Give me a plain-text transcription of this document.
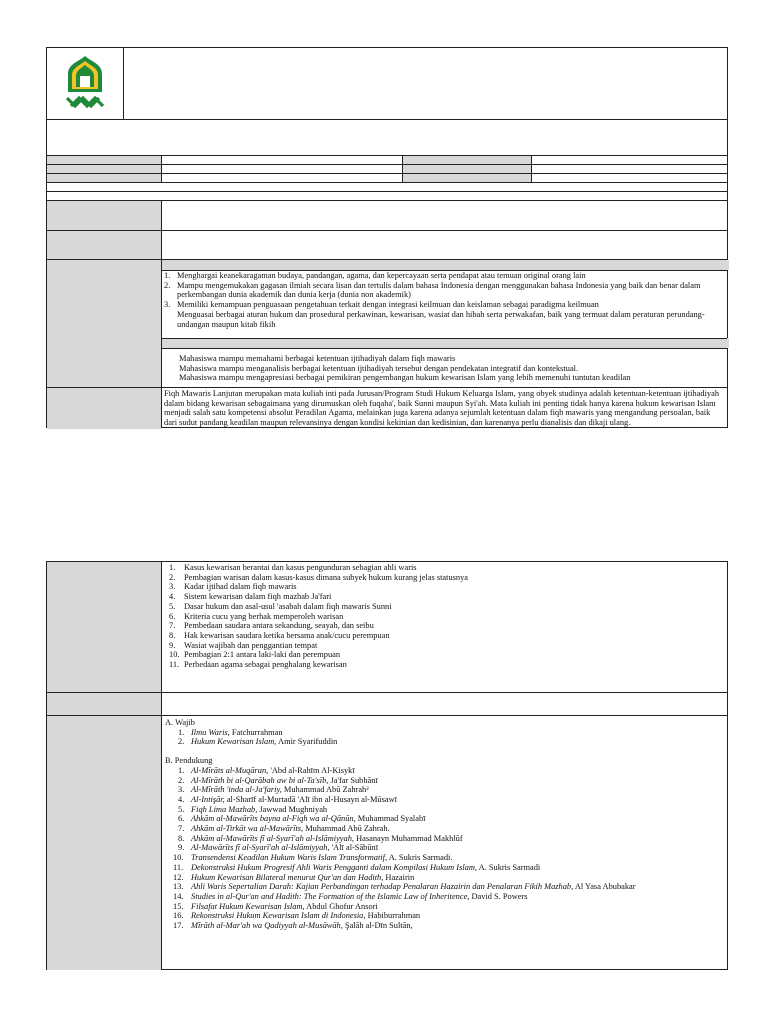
1. Menghargai keanekaragaman budaya, pandangan, agama, dan kepercayaan serta pendapat atau temuan original orang lain
2. Mampu mengemukakan gagasan ilmiah secara lisan dan tertulis dalam bahasa Indonesia dengan menggunakan bahasa Indonesia yang baik dan benar dalam perkembangan dunia akademik dan dunia kerja (dunia non akademik)
3. Memiliki kemampuan penguasaan pengetahuan terkait dengan integrasi keilmuan dan keislaman sebagai paradigma keilmuan
Menguasai berbagai aturan hukum dan prosedural perkawinan, kewarisan, wasiat dan hibah serta perwakafan, baik yang termuat dalam peraturan perundang-undangan maupun kitab fikih
Mahasiswa mampu memahami berbagai ketentuan ijtihadiyah dalam fiqh mawaris
Mahasiswa mampu menganalisis berbagai ketentuan ijtihadiyah tersebut dengan pendekatan integratif dan kontekstual.
Mahasiswa mampu mengapresiasi berbagai pemikiran pengembangan hukum kewarisan Islam yang lebih memenuhi tuntutan keadilan
Fiqh Mawaris Lanjutan merupakan mata kuliah inti pada Jurusan/Program Studi Hukum Keluarga Islam, yang obyek studinya adalah ketentuan-ketentuan ijtihadiyah dalam bidang kewarisan sebagaimana yang dirumuskan oleh fuqaha', baik Sunni maupun Syi'ah. Mata kuliah ini penting tidak hanya karena hukum kewarisan Islam menjadi salah satu kompetensi absolut Peradilan Agama, melainkan juga karena adanya sejumlah ketentuan dalam fiqh mawaris yang mengandung persoalan, baik dari sudut pandang keadilan maupun relevansinya dengan kondisi kekinian dan kedisinian, dan karenanya perlu dianalisis dan dikaji ulang.
1.	Kasus kewarisan berantai dan kasus pengunduran sebagian ahli waris
2.	Pembagian warisan dalam kasus-kasus dimana subyek hukum kurang jelas statusnya
3.	Kadar ijtihad dalam fiqh mawaris
4.	Sistem kewarisan dalam fiqh mazhab Ja'fari
5.	Dasar hukum dan asal-usul 'asabah dalam fiqh mawaris Sunni
6.	Kriteria cucu yang berhak memperoleh warisan
7.	Pembedaan saudara antara sekandung, seayah, dan seibu
8.	Hak kewarisan saudara ketika bersama anak/cucu perempuan
9.	Wasiat wajibah dan penggantian tempat
10. Pembagian 2:1 antara laki-laki dan perempuan
11. Perbedaan agama sebagai penghalang kewarisan
A. Wajib
1. Ilmu Waris, Fatchurrahman
2. Hukum Kewarisan Islam, Amir Syarifuddin
B. Pendukung
1. Al-Mīrāts al-Muqāran, 'Abd al-Rahīm Al-Kisykī
2. Al-Mīrāth bi al-Qarābah aw bi al-Ta'sīb, Ja'far Subhānī
3. Al-Mīrāth 'inda al-Ja'fariy, Muhammad Abū Zahrah²
4. Al-Intişār, al-Sharīf al-Murtadā 'Alī ibn al-Husayn al-Mūsawī
5. Fiqh Lima Mazhab, Jawwad Mughniyah
6. Ahkām al-Mawārīts bayna al-Fiqh wa al-Qānūn, Muhammad Syalabī
7. Ahkām al-Tirkāt wa al-Mawārīts, Muhammad Abū Zahrah.
8. Ahkām al-Mawārīts fī al-Syarī'ah al-Islāmiyyah, Hasanayn Muhammad Makhlūf
9. Al-Mawārīts fī al-Syarī'ah al-Islāmiyyah, 'Alī al-Sābūnī
10. Transendensi Keadilan Hukum Waris Islam Transformatif, A. Sukris Sarmadi.
11. Dekonstruksi Hukum Progresif Ahli Waris Pengganti dalam Kompilasi Hukum Islam, A. Sukris Sarmadi
12. Hukum Kewarisan Bilateral menurut Qur'an dan Hadith, Hazairin
13. Ahli Waris Sepertalian Darah: Kajian Perbandingan terhadap Penalaran Hazairin dan Penalaran Fikih Mazhab, Al Yasa Abubakar
14. Studies in al-Qur'an and Hadith: The Formation of the Islamic Law of Inheritence, David S. Powers
15. Filsafat Hukum Kewarisan Islam, Abdul Ghofur Ansori
16. Rekonstruksi Hukum Kewarisan Islam di Indonesia, Habiburrahman
17. Mīrāth al-Mar'ah wa Qadiyyah al-Musāwāh, Şalāh al-Dīn Sultān,
